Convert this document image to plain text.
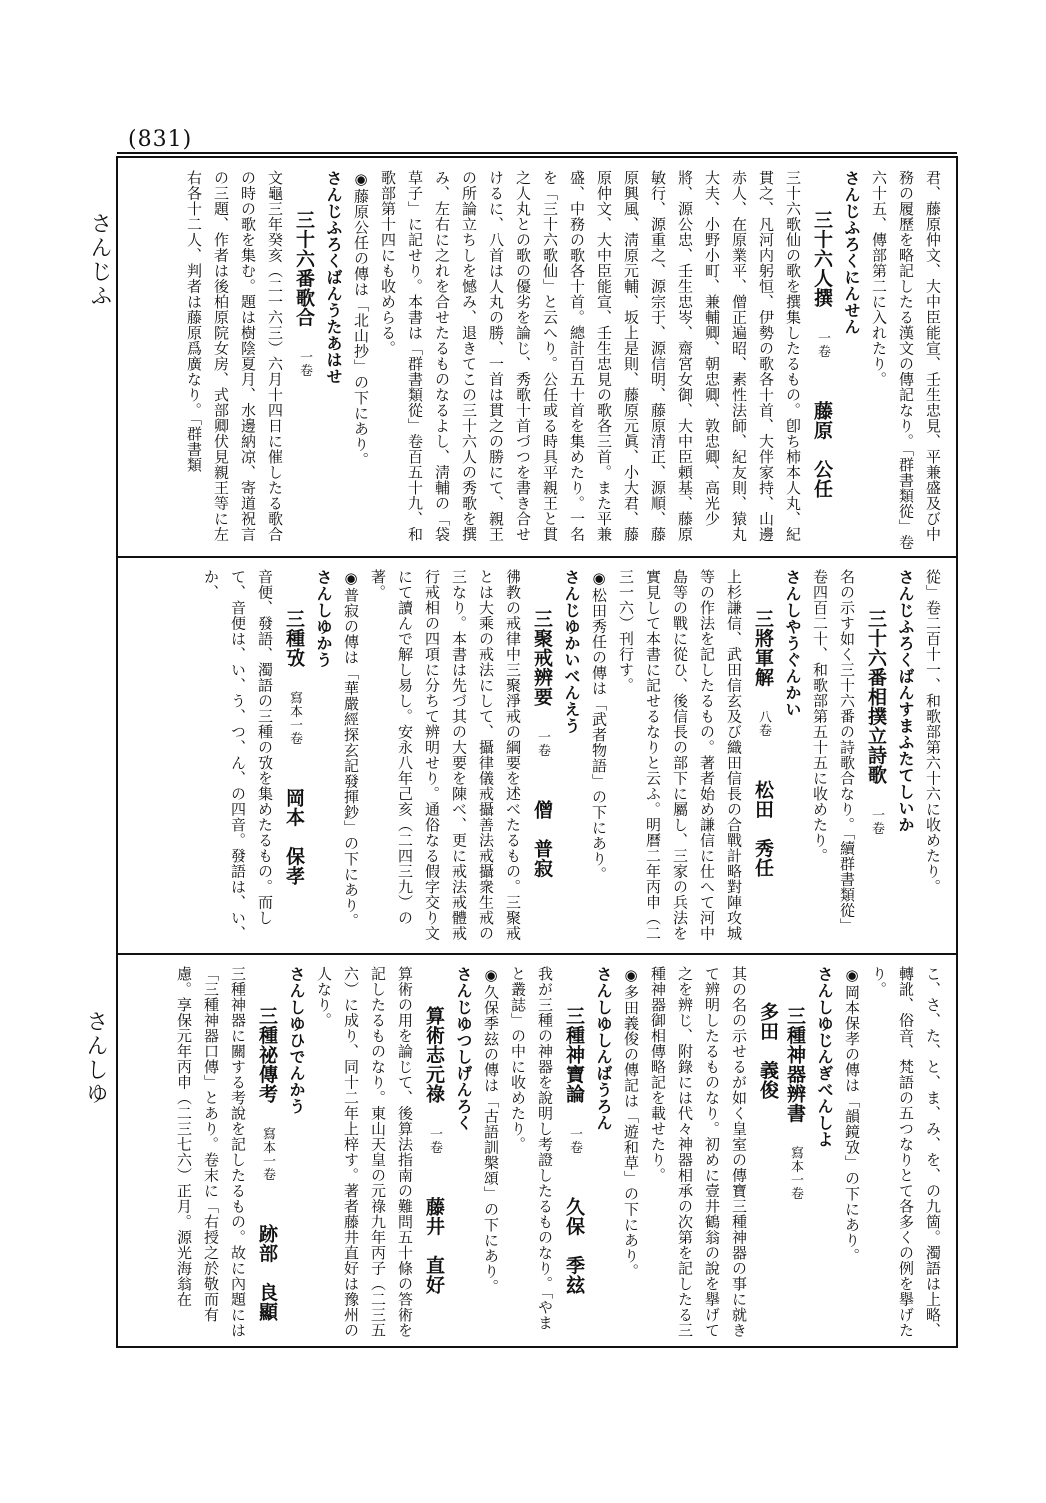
(831)
さんじふ
さんしゆ
君、藤原仲文、大中臣能宣、壬生忠見、平兼盛及び中務の履歷を略記したる漢文の傳記なり。「群書類從」卷六十五、傳部第二に入れたり。
さんじふろくにんせん
三十六人撰 一卷 藤原　公任
三十六歌仙の歌を撰集したるもの。卽ち柿本人丸、紀貫之、凡河内躬恒、伊勢の歌各十首、大伴家持、山邊赤人、在原業平、僧正遍昭、素性法師、紀友則、猿丸大夫、小野小町、兼輔卿、朝忠卿、敦忠卿、高光少將、源公忠、壬生忠岑、齋宮女御、大中臣頼基、藤原敏行、源重之、源宗于、源信明、藤原清正、源順、藤原興風、淸原元輔、坂上是則、藤原元眞、小大君、藤原仲文、大中臣能宣、壬生忠見の歌各三首。また平兼盛、中務の歌各十首。總計百五十首を集めたり。一名を「三十六歌仙」と云へり。公任或る時具平親王と貫之人丸との歌の優劣を論じ、秀歌十首づつを書き合せけるに、八首は人丸の勝、一首は貫之の勝にて、親王の所論立ちしを憾み、退きてこの三十六人の秀歌を撰み、左右に之れを合せたるものなるよし、淸輔の「袋草子」に記せり。本書は「群書類從」卷百五十九、和歌部第十四にも收めらる。
◉藤原公任の傳は「北山抄」の下にあり。
さんじふろくばんうたあはせ
三十六番歌合 一卷
文龜三年癸亥（二一六三）六月十四日に催したる歌合の時の歌を集む。題は樹陰夏月、水邊納凉、寄道祝言の三題、作者は後柏原院女房、式部卿伏見親王等に左右各十二人、判者は藤原爲廣なり。「群書類
從」卷二百十一、和歌部第六十六に收めたり。
さんじふろくばんすまふたてしいか
三十六番相撲立詩歌 一卷
名の示す如く三十六番の詩歌合なり。「續群書類從」卷四百二十、和歌部第五十五に收めたり。
さんしやうぐんかい
三將軍解 八卷 松田　秀任
上杉謙信、武田信玄及び織田信長の合戰計略對陣攻城等の作法を記したるもの。著者始め謙信に仕へて河中島等の戰に從ひ、後信長の部下に屬し、三家の兵法を實見して本書に記せるなりと云ふ。明曆二年丙申（二三一六）刊行す。
◉松田秀任の傳は「武者物語」の下にあり。
さんじゆかいべんえう
三聚戒辨要 一卷 僧　普寂
彿教の戒律中三聚淨戒の綱要を述べたるもの。三聚戒とは大乘の戒法にして、攝律儀戒攝善法戒攝衆生戒の三なり。本書は先づ其の大要を陳べ、更に戒法戒體戒行戒相の四項に分ちて辨明せり。通俗なる假字交り文にて讀んで解し易し。安永八年己亥（二四三九）の著。
◉普寂の傳は「華嚴經探玄記發揮鈔」の下にあり。
さんしゆかう
三種攷 寫本一卷 岡本　保孝
音便、發語、濁語の三種の攷を集めたるもの。而して、音便は、い、う、つ、ん、の四音。發語は、い、か、
こ、さ、た、と、ま、み、を、の九箇。濁語は上略、轉訛、俗音、梵語の五つなりとて各多くの例を擧げたり。
◉岡本保孝の傳は「韻鏡攷」の下にあり。
さんしゆじんぎべんしよ
三種神器辨書 寫本一卷 多田　義俊
其の名の示せるが如く皇室の傳寶三種神器の事に就きて辨明したるものなり。初めに壹井鶴翁の說を擧げて之を辨じ、附錄には代々神器相承の次第を記したる三種神器御相傳略記を載せたり。
◉多田義俊の傳記は「遊和草」の下にあり。
さんしゆしんばうろん
三種神寶論 一卷 久保　季玆
我が三種の神器を說明し考證したるものなり。「やまと叢誌」の中に收めたり。
◉久保季玆の傳は「古語訓槃頌」の下にあり。
さんじゆつしげんろく
算術志元祿 一卷 藤井　直好
算術の用を論じて、後算法指南の難問五十條の答術を記したるものなり。東山天皇の元祿九年丙子（二三五六）に成り、同十二年上梓す。著者藤井直好は豫州の人なり。
さんしゆひでんかう
三種祕傳考 寫本一卷 跡部　良顯
三種神器に關する考說を記したるもの。故に內題には「三種神器口傳」とあり。卷末に「右授之於敬而有慮。享保元年丙申（二三七六）正月。源光海翁在
